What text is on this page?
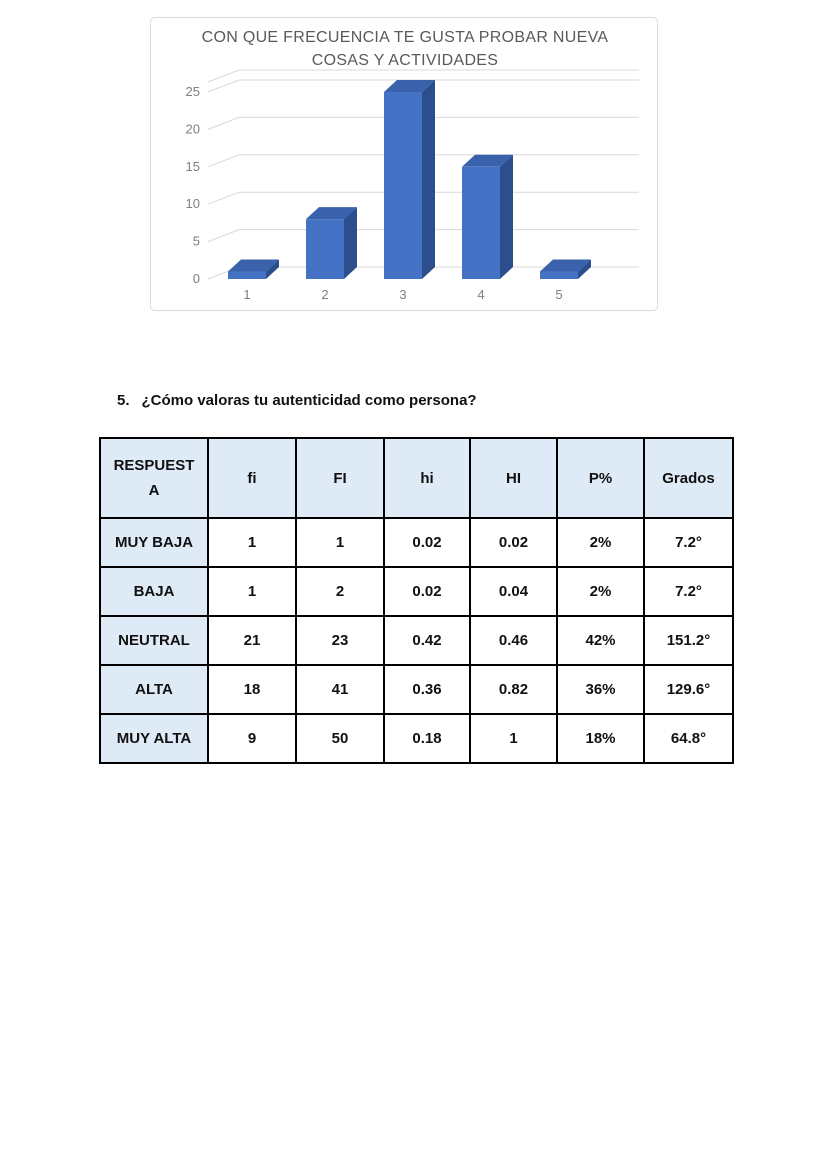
0
5
10
15
20
25
1	2	3	4	5
CON QUE FRECUENCIA TE GUSTA PROBAR NUEVA COSAS Y ACTIVIDADES
5. ¿Cómo valoras tu autenticidad como persona?
RESPUESTA	fi	FI	hi	HI	P%	Grados
MUY BAJA	1	1	0.02	0.02	2%	7.2°
BAJA	1	2	0.02	0.04	2%	7.2°
NEUTRAL	21	23	0.42	0.46	42%	151.2°
ALTA	18	41	0.36	0.82	36%	129.6°
MUY ALTA	9	50	0.18	1	18%	64.8°
